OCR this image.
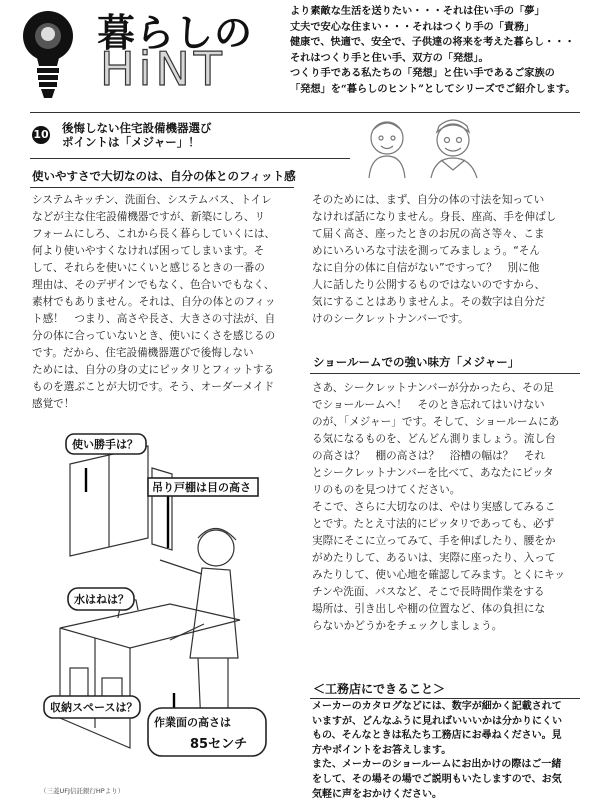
暮らしの
HiNT
より素敵な生活を送りたい・・・それは住い手の「夢」
丈夫で安心な住まい・・・それはつくり手の「責務」
健康で、快適で、安全で、子供達の将来を考えた暮らし・・・
それはつくり手と住い手、双方の「発想」。
つくり手である私たちの「発想」と住い手であるご家族の
「発想」を“暮らしのヒント”としてシリーズでご紹介します。
10 後悔しない住宅設備機器選び
ポイントは「メジャー」！
使いやすさで大切なのは、自分の体とのフィット感
システムキッチン、洗面台、システムバス、トイレ
などが主な住宅設備機器ですが、新築にしろ、リ
フォームにしろ、これから長く暮らしていくには、
何より使いやすくなければ困ってしまいます。そ
して、それらを使いにくいと感じるときの一番の
理由は、そのデザインでもなく、色合いでもなく、
素材でもありません。それは、自分の体とのフィッ
ト感！　つまり、高さや長さ、大きさの寸法が、自
分の体に合っていないとき、使いにくさを感じるの
です。だから、住宅設備機器選びで後悔しない
ためには、自分の身の丈にピッタリとフィットする
ものを選ぶことが大切です。そう、オーダーメイド
感覚で！
使い勝手は？
吊り戸棚は目の高さ
水はねは？
収納スペースは？
作業面の高さは
85センチ
（三菱UFJ信託銀行HPより）
そのためには、まず、自分の体の寸法を知ってい
なければ話になりません。身長、座高、手を伸ばし
て届く高さ、座ったときのお尻の高さ等々、こま
めにいろいろな寸法を測ってみましょう。“そん
なに自分の体に自信がない”ですって？　別に他
人に話したり公開するものではないのですから、
気にすることはありませんよ。その数字は自分だ
けのシークレットナンバーです。
ショールームでの強い味方「メジャー」
さあ、シークレットナンバーが分かったら、その足
でショールームへ！　そのとき忘れてはいけない
のが、「メジャー」です。そして、ショールームにあ
る気になるものを、どんどん測りましょう。流し台
の高さは？　棚の高さは？　浴槽の幅は？　それ
とシークレットナンバーを比べて、あなたにピッタ
リのものを見つけてください。
そこで、さらに大切なのは、やはり実感してみるこ
とです。たとえ寸法的にピッタリであっても、必ず
実際にそこに立ってみて、手を伸ばしたり、腰をか
がめたりして、あるいは、実際に座ったり、入って
みたりして、使い心地を確認してみます。とくにキッ
チンや洗面、バスなど、そこで長時間作業をする
場所は、引き出しや棚の位置など、体の負担にな
らないかどうかをチェックしましょう。
＜工務店にできること＞
メーカーのカタログなどには、数字が細かく記載されて
いますが、どんなふうに見ればいいいかは分かりにくい
もの、そんなときは私たち工務店にお尋ねください。見
方やポイントをお答えします。
また、メーカーのショールームにお出かけの際はご一緒
をして、その場その場でご説明もいたしますので、お気
気軽に声をおかけください。
